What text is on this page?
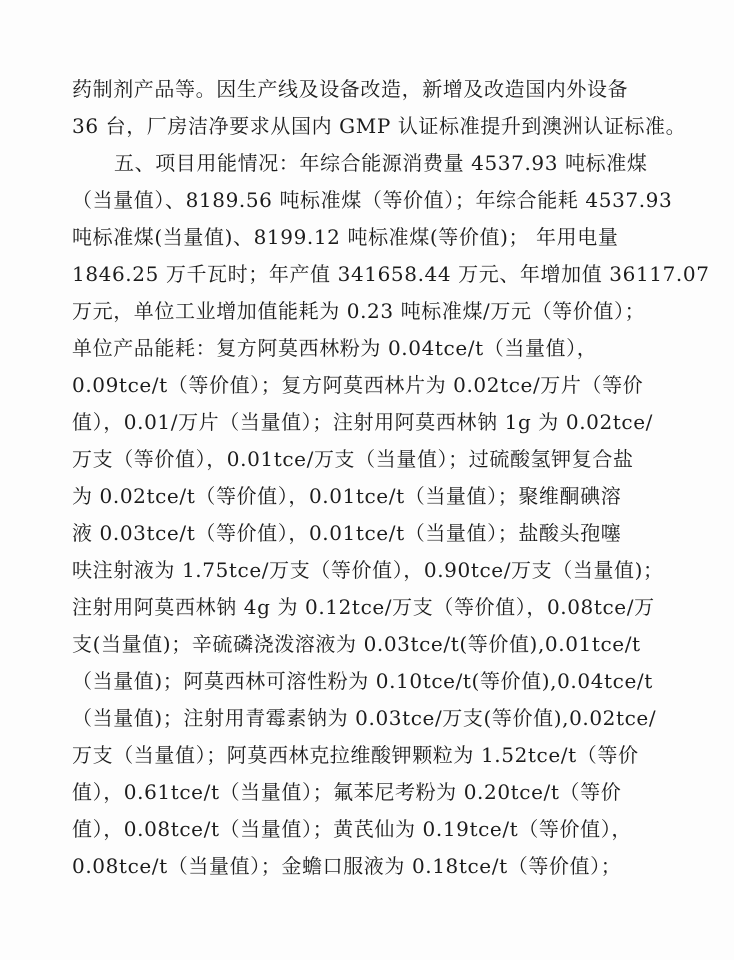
药制剂产品等。因生产线及设备改造，新增及改造国内外设备
36 台，厂房洁净要求从国内 GMP 认证标准提升到澳洲认证标准。
五、项目用能情况：年综合能源消费量 4537.93 吨标准煤
（当量值）、8189.56 吨标准煤（等价值）；年综合能耗 4537.93
吨标准煤(当量值)、8199.12 吨标准煤(等价值)； 年用电量
1846.25 万千瓦时；年产值 341658.44 万元、年增加值 36117.07
万元，单位工业增加值能耗为 0.23 吨标准煤/万元（等价值）；
单位产品能耗：复方阿莫西林粉为 0.04tce/t（当量值），
0.09tce/t（等价值）；复方阿莫西林片为 0.02tce/万片（等价
值），0.01/万片（当量值）；注射用阿莫西林钠 1g 为 0.02tce/
万支（等价值），0.01tce/万支（当量值）；过硫酸氢钾复合盐
为 0.02tce/t（等价值），0.01tce/t（当量值）；聚维酮碘溶
液 0.03tce/t（等价值），0.01tce/t（当量值）；盐酸头孢噻
呋注射液为 1.75tce/万支（等价值），0.90tce/万支（当量值)；
注射用阿莫西林钠 4g 为 0.12tce/万支（等价值），0.08tce/万
支(当量值)；辛硫磷浇泼溶液为 0.03tce/t(等价值),0.01tce/t
（当量值)；阿莫西林可溶性粉为 0.10tce/t(等价值),0.04tce/t
（当量值)；注射用青霉素钠为 0.03tce/万支(等价值),0.02tce/
万支（当量值）；阿莫西林克拉维酸钾颗粒为 1.52tce/t（等价
值），0.61tce/t（当量值）；氟苯尼考粉为 0.20tce/t（等价
值），0.08tce/t（当量值）；黄芪仙为 0.19tce/t（等价值），
0.08tce/t（当量值）；金蟾口服液为 0.18tce/t（等价值）；
